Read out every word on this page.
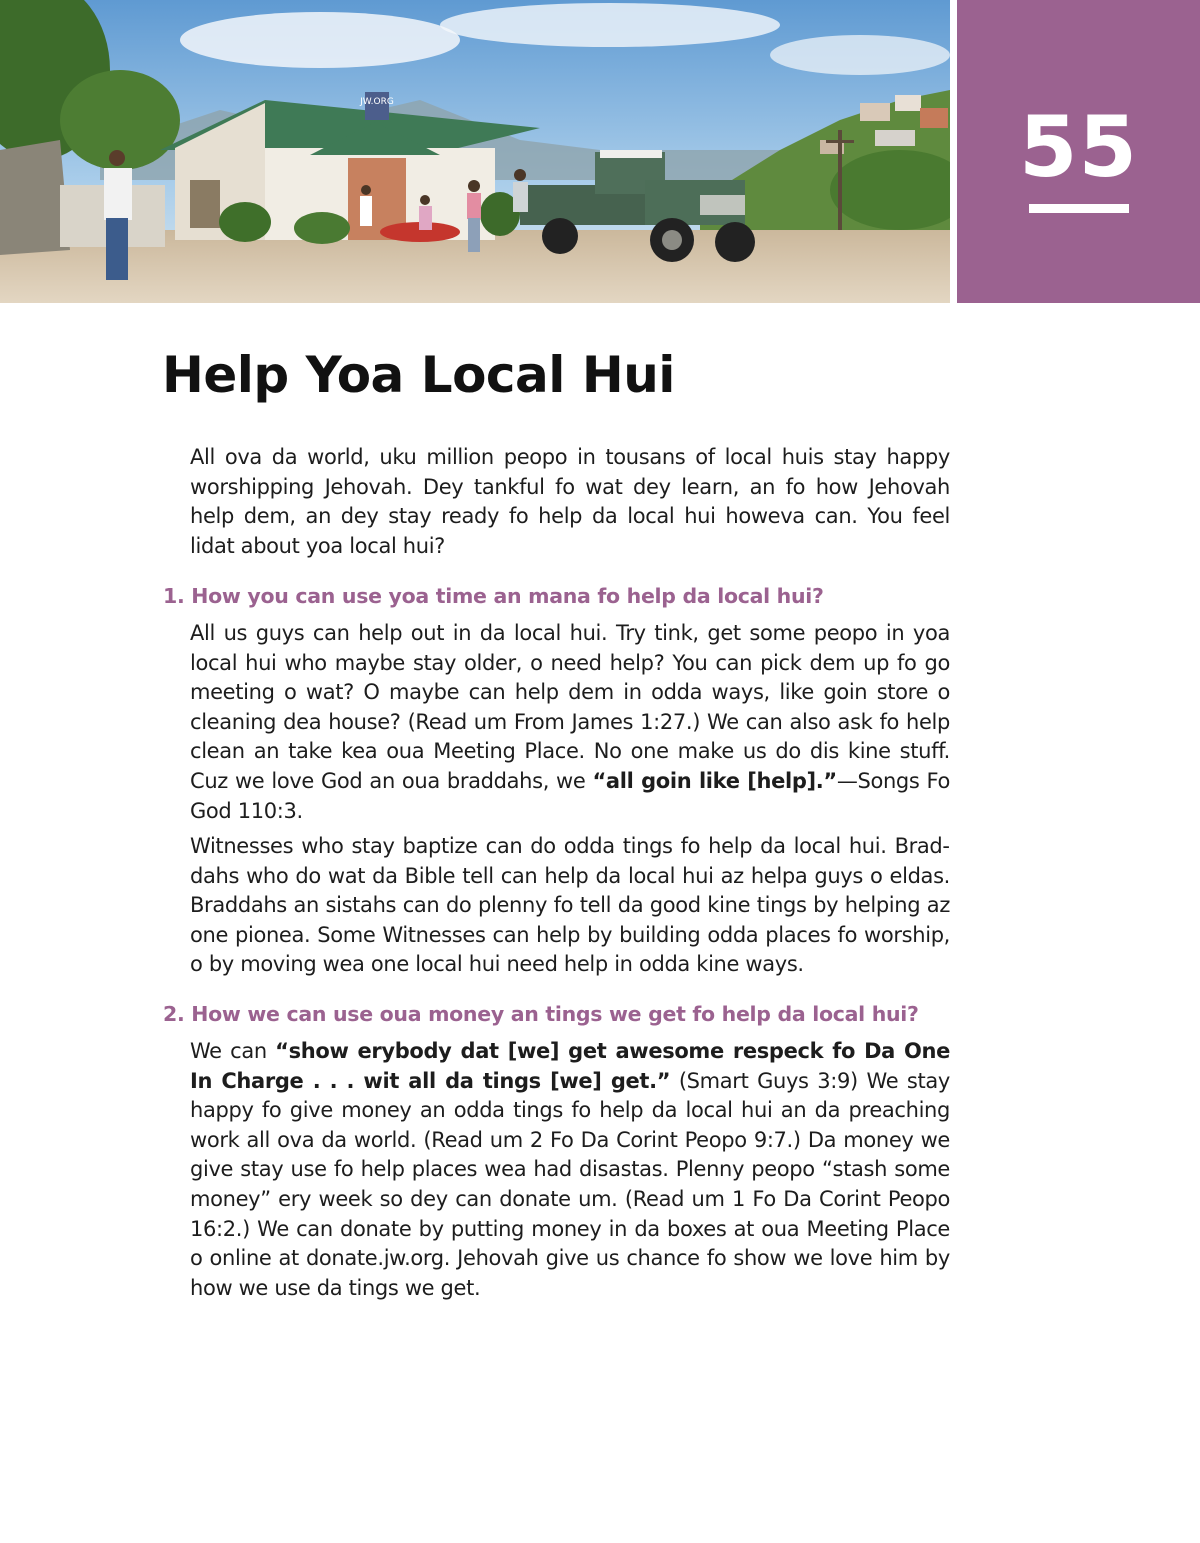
JW.ORG	55
Help Yoa Local Hui

All ova da world, uku million peopo in tousans of local huis stay happy worshipping Jehovah. Dey tankful fo wat dey learn, an fo how Jehovah help dem, an dey stay ready fo help da local hui howeva can. You feel lidat about yoa local hui?

1. How you can use yoa time an mana fo help da local hui?

All us guys can help out in da local hui. Try tink, get some peopo in yoa local hui who maybe stay older, o need help? You can pick dem up fo go meeting o wat? O maybe can help dem in odda ways, like goin store o cleaning dea house? (Read um From James 1:27.) We can also ask fo help clean an take kea oua Meeting Place. No one make us do dis kine stuff. Cuz we love God an oua braddahs, we “all goin like [help].”—Songs Fo God 110:3.

Witnesses who stay baptize can do odda tings fo help da local hui. Braddahs who do wat da Bible tell can help da local hui az helpa guys o eldas. Braddahs an sistahs can do plenny fo tell da good kine tings by helping az one pionea. Some Witnesses can help by building odda places fo worship, o by moving wea one local hui need help in odda kine ways.

2. How we can use oua money an tings we get fo help da local hui?

We can “show erybody dat [we] get awesome respeck fo Da One In Charge . . . wit all da tings [we] get.” (Smart Guys 3:9) We stay happy fo give money an odda tings fo help da local hui an da preaching work all ova da world. (Read um 2 Fo Da Corint Peopo 9:7.) Da money we give stay use fo help places wea had disastas. Plenny peopo “stash some money” ery week so dey can donate um. (Read um 1 Fo Da Corint Peopo 16:2.) We can donate by putting money in da boxes at oua Meeting Place o online at donate.jw.org. Jehovah give us chance fo show we love him by how we use da tings we get.
